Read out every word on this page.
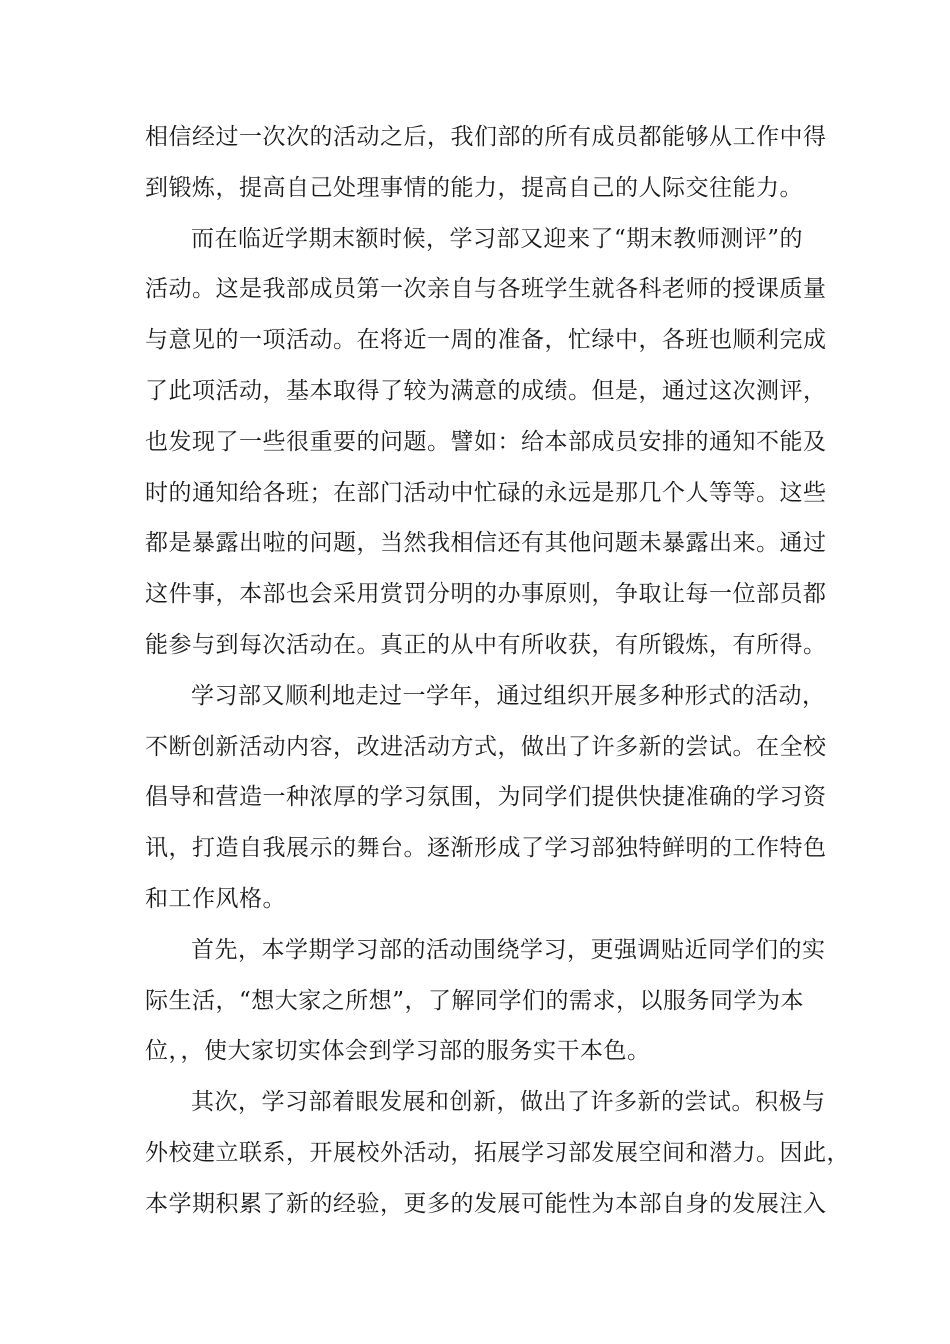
相信经过一次次的活动之后，我们部的所有成员都能够从工作中得
到锻炼，提高自己处理事情的能力，提高自己的人际交往能力。
而在临近学期末额时候，学习部又迎来了“期末教师测评”的
活动。这是我部成员第一次亲自与各班学生就各科老师的授课质量
与意见的一项活动。在将近一周的准备，忙绿中，各班也顺利完成
了此项活动，基本取得了较为满意的成绩。但是，通过这次测评，
也发现了一些很重要的问题。譬如：给本部成员安排的通知不能及
时的通知给各班；在部门活动中忙碌的永远是那几个人等等。这些
都是暴露出啦的问题，当然我相信还有其他问题未暴露出来。通过
这件事，本部也会采用赏罚分明的办事原则，争取让每一位部员都
能参与到每次活动在。真正的从中有所收获，有所锻炼，有所得。
学习部又顺利地走过一学年，通过组织开展多种形式的活动，
不断创新活动内容，改进活动方式，做出了许多新的尝试。在全校
倡导和营造一种浓厚的学习氛围，为同学们提供快捷准确的学习资
讯，打造自我展示的舞台。逐渐形成了学习部独特鲜明的工作特色
和工作风格。
首先，本学期学习部的活动围绕学习，更强调贴近同学们的实
际生活，“想大家之所想”，了解同学们的需求，以服务同学为本
位，，使大家切实体会到学习部的服务实干本色。
其次，学习部着眼发展和创新，做出了许多新的尝试。积极与
外校建立联系，开展校外活动，拓展学习部发展空间和潜力。因此，
本学期积累了新的经验，更多的发展可能性为本部自身的发展注入
